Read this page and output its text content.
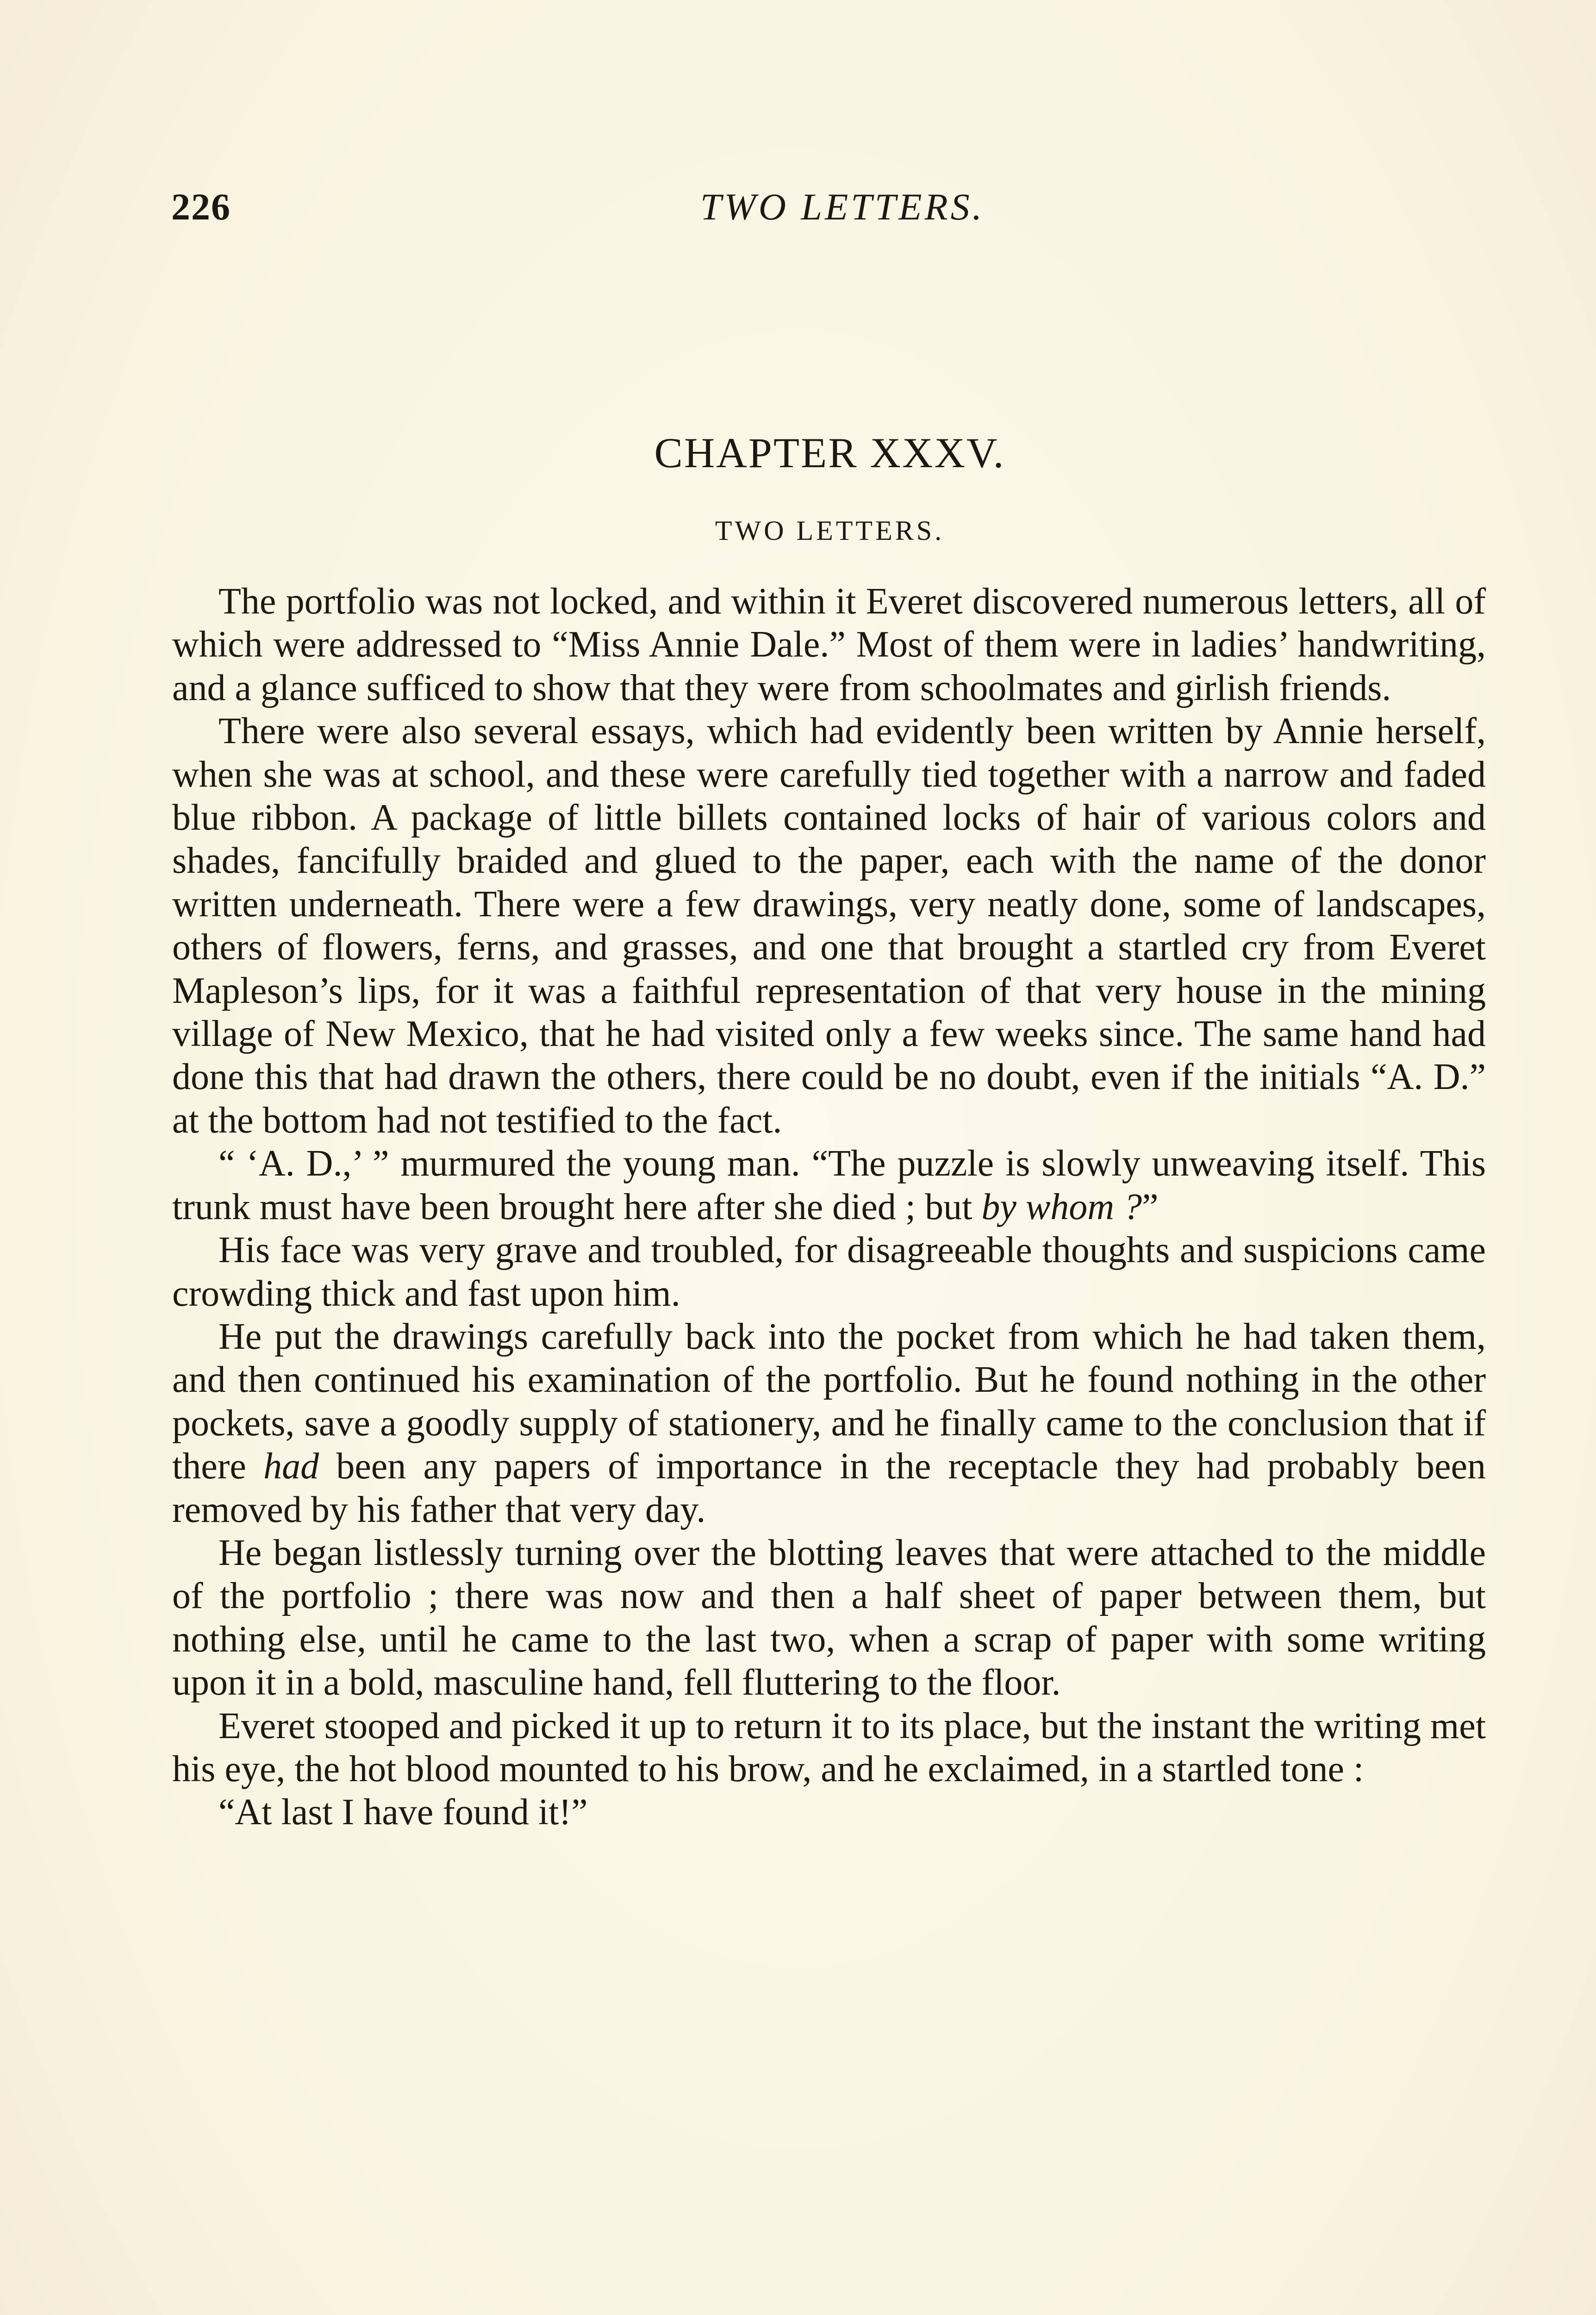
226	TWO LETTERS.
CHAPTER XXXV.
TWO LETTERS.

The portfolio was not locked, and within it Everet discovered numerous letters, all of which were addressed to “Miss Annie Dale.” Most of them were in ladies’ handwriting, and a glance sufficed to show that they were from schoolmates and girlish friends.

There were also several essays, which had evidently been written by Annie herself, when she was at school, and these were carefully tied together with a narrow and faded blue ribbon. A package of little billets contained locks of hair of various colors and shades, fancifully braided and glued to the paper, each with the name of the donor written underneath. There were a few drawings, very neatly done, some of landscapes, others of flowers, ferns, and grasses, and one that brought a startled cry from Everet Mapleson’s lips, for it was a faithful representation of that very house in the mining village of New Mexico, that he had visited only a few weeks since. The same hand had done this that had drawn the others, there could be no doubt, even if the initials “A. D.” at the bottom had not testified to the fact.

“ ‘A. D.,’ ” murmured the young man. “The puzzle is slowly unweaving itself. This trunk must have been brought here after she died ; but by whom ?”

His face was very grave and troubled, for disagreeable thoughts and suspicions came crowding thick and fast upon him.

He put the drawings carefully back into the pocket from which he had taken them, and then continued his examination of the portfolio. But he found nothing in the other pockets, save a goodly supply of stationery, and he finally came to the conclusion that if there had been any papers of importance in the receptacle they had probably been removed by his father that very day.

He began listlessly turning over the blotting leaves that were attached to the middle of the portfolio ; there was now and then a half sheet of paper between them, but nothing else, until he came to the last two, when a scrap of paper with some writing upon it in a bold, masculine hand, fell fluttering to the floor.

Everet stooped and picked it up to return it to its place, but the instant the writing met his eye, the hot blood mounted to his brow, and he exclaimed, in a startled tone :

“At last I have found it!”
